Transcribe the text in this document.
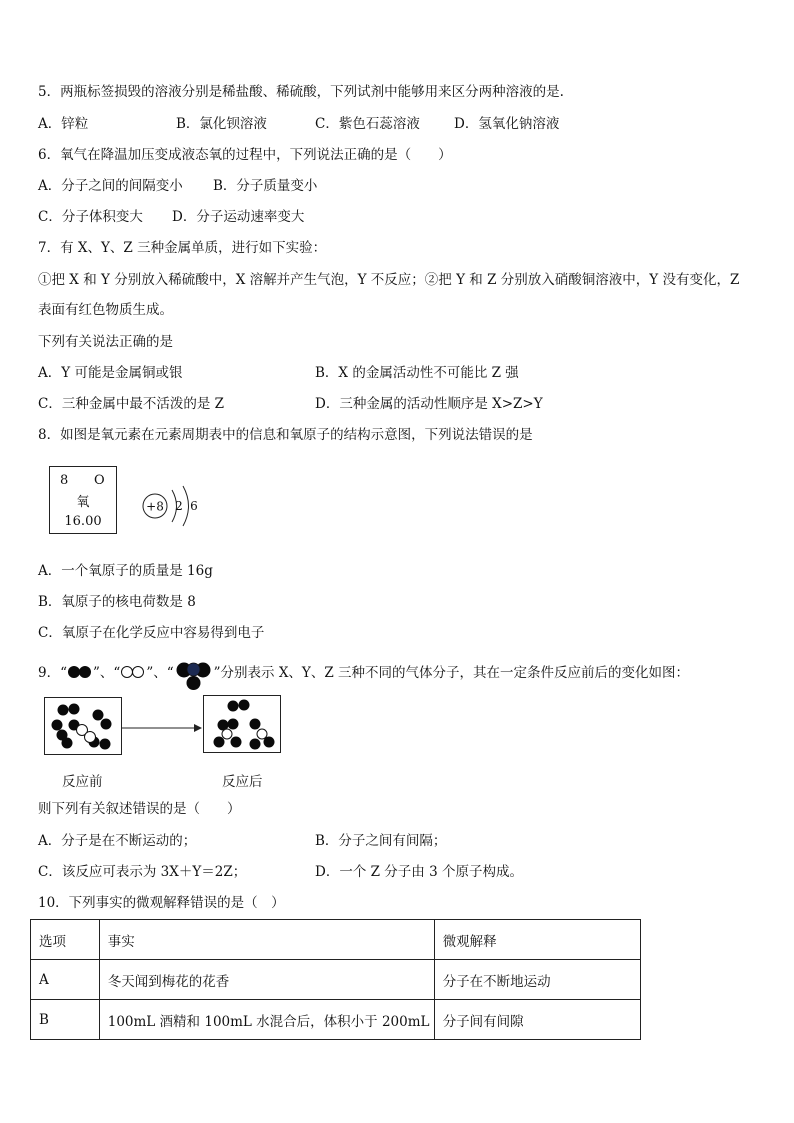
5．两瓶标签损毁的溶液分别是稀盐酸、稀硫酸，下列试剂中能够用来区分两种溶液的是.
A．锌粒	B．氯化钡溶液	C．紫色石蕊溶液	D．氢氧化钠溶液
6．氧气在降温加压变成液态氧的过程中，下列说法正确的是（　　）
A．分子之间的间隔变小 B．分子质量变小
C．分子体积变大 D．分子运动速率变大
7．有 X、Y、Z 三种金属单质，进行如下实验：
①把 X 和 Y 分别放入稀硫酸中，X 溶解并产生气泡，Y 不反应；②把 Y 和 Z 分别放入硝酸铜溶液中，Y 没有变化，Z
表面有红色物质生成。
下列有关说法正确的是
A．Y 可能是金属铜或银	B．X 的金属活动性不可能比 Z 强
C．三种金属中最不活泼的是 Z	D．三种金属的活动性顺序是 X>Z>Y
8．如图是氧元素在元素周期表中的信息和氧原子的结构示意图，下列说法错误的是
8 O
氧
16.00
+8 2 6
A．一个氧原子的质量是 16g
B．氧原子的核电荷数是 8
C．氧原子在化学反应中容易得到电子
9．“ ”、“ ”、“	”分别表示 X、Y、Z 三种不同的气体分子，其在一定条件反应前后的变化如图：
反应前	反应后
则下列有关叙述错误的是（　　）
A．分子是在不断运动的；	B．分子之间有间隔；
C．该反应可表示为 3X＋Y＝2Z；	D．一个 Z 分子由 3 个原子构成。
10．下列事实的微观解释错误的是（　）
选项	事实	微观解释
A	冬天闻到梅花的花香	分子在不断地运动
B	100mL 酒精和 100mL 水混合后，体积小于 200mL	分子间有间隙
